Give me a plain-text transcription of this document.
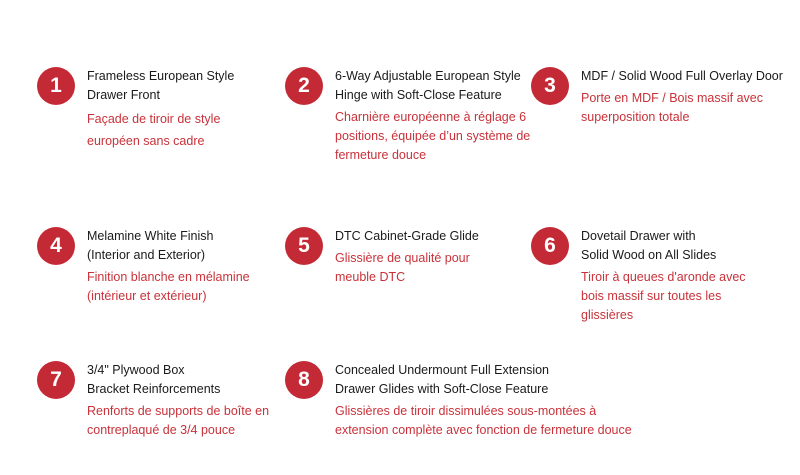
1	Frameless European Style
Drawer Front
Façade de tiroir de style
européen sans cadre
2	6-Way Adjustable European Style
Hinge with Soft-Close Feature
Charnière européenne à réglage 6
positions, équipée d’un système de
fermeture douce
3	MDF / Solid Wood Full Overlay Door
Porte en MDF / Bois massif avec
superposition totale
4	Melamine White Finish
(Interior and Exterior)
Finition blanche en mélamine
(intérieur et extérieur)
5	DTC Cabinet-Grade Glide
Glissière de qualité pour
meuble DTC
6	Dovetail Drawer with
Solid Wood on All Slides
Tiroir à queues d'aronde avec
bois massif sur toutes les
glissières
7	3/4" Plywood Box
Bracket Reinforcements
Renforts de supports de boîte en
contreplaqué de 3/4 pouce
8	Concealed Undermount Full Extension
Drawer Glides with Soft-Close Feature
Glissières de tiroir dissimulées sous-montées à
extension complète avec fonction de fermeture douce
